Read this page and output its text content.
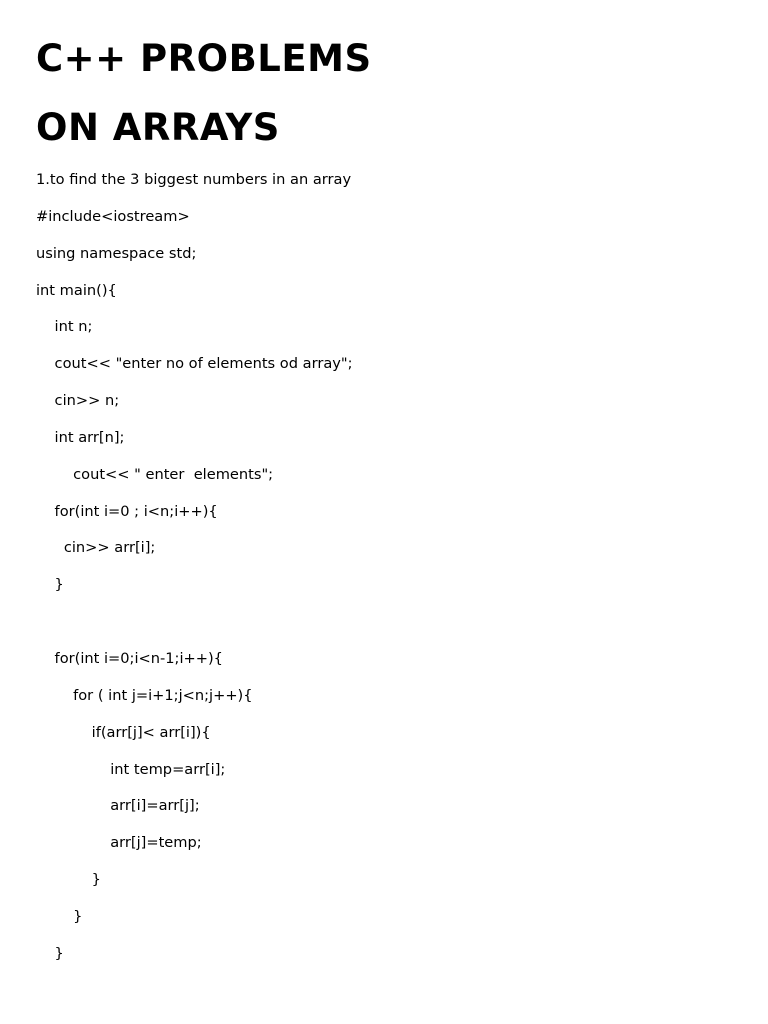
C++ PROBLEMS
ON ARRAYS
1.to find the 3 biggest numbers in an array
#include<iostream>
using namespace std;
int main(){
int n;
cout<< "enter no of elements od array";
cin>> n;
int arr[n];
cout<< " enter  elements";
for(int i=0 ; i<n;i++){
cin>> arr[i];
}
for(int i=0;i<n-1;i++){
for ( int j=i+1;j<n;j++){
if(arr[j]< arr[i]){
int temp=arr[i];
arr[i]=arr[j];
arr[j]=temp;
}
}
}
